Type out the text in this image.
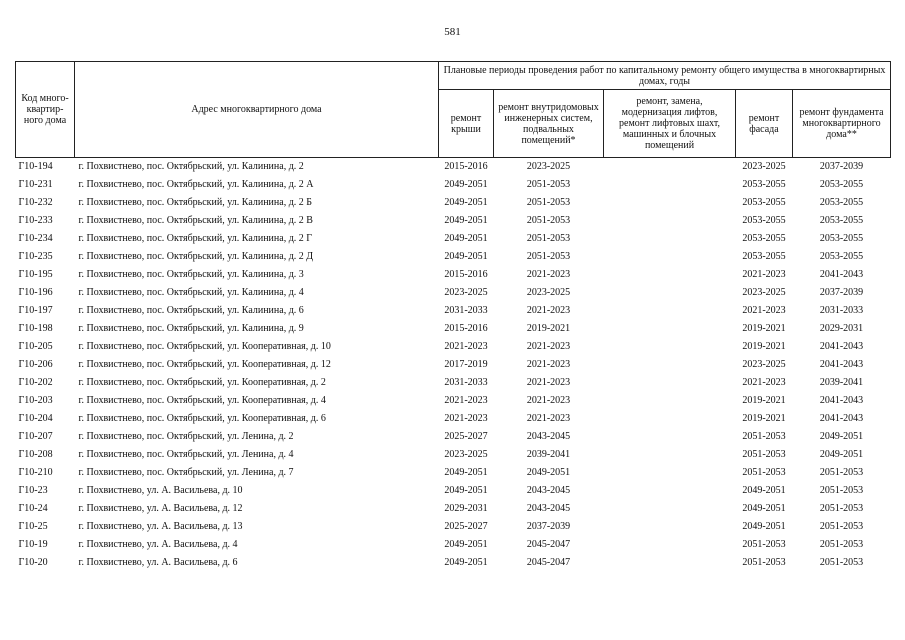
581
Код много-квартир-ного дома	Адрес многоквартирного дома	Плановые периоды проведения работ по капитальному ремонту общего имущества в многоквартирных домах, годы				
		ремонт крыши	ремонт внутридомовых инженерных систем, подвальных помещений*	ремонт, замена, модернизация лифтов, ремонт лифтовых шахт, машинных и блочных помещений	ремонт фасада	ремонт фундамента многоквартирного дома**
Г10-194	г. Похвистнево, пос. Октябрьский, ул. Калинина, д. 2	2015-2016	2023-2025		2023-2025	2037-2039
Г10-231	г. Похвистнево, пос. Октябрьский, ул. Калинина, д. 2 А	2049-2051	2051-2053		2053-2055	2053-2055
Г10-232	г. Похвистнево, пос. Октябрьский, ул. Калинина, д. 2 Б	2049-2051	2051-2053		2053-2055	2053-2055
Г10-233	г. Похвистнево, пос. Октябрьский, ул. Калинина, д. 2 В	2049-2051	2051-2053		2053-2055	2053-2055
Г10-234	г. Похвистнево, пос. Октябрьский, ул. Калинина, д. 2 Г	2049-2051	2051-2053		2053-2055	2053-2055
Г10-235	г. Похвистнево, пос. Октябрьский, ул. Калинина, д. 2 Д	2049-2051	2051-2053		2053-2055	2053-2055
Г10-195	г. Похвистнево, пос. Октябрьский, ул. Калинина, д. 3	2015-2016	2021-2023		2021-2023	2041-2043
Г10-196	г. Похвистнево, пос. Октябрьский, ул. Калинина, д. 4	2023-2025	2023-2025		2023-2025	2037-2039
Г10-197	г. Похвистнево, пос. Октябрьский, ул. Калинина, д. 6	2031-2033	2021-2023		2021-2023	2031-2033
Г10-198	г. Похвистнево, пос. Октябрьский, ул. Калинина, д. 9	2015-2016	2019-2021		2019-2021	2029-2031
Г10-205	г. Похвистнево, пос. Октябрьский, ул. Кооперативная, д. 10	2021-2023	2021-2023		2019-2021	2041-2043
Г10-206	г. Похвистнево, пос. Октябрьский, ул. Кооперативная, д. 12	2017-2019	2021-2023		2023-2025	2041-2043
Г10-202	г. Похвистнево, пос. Октябрьский, ул. Кооперативная, д. 2	2031-2033	2021-2023		2021-2023	2039-2041
Г10-203	г. Похвистнево, пос. Октябрьский, ул. Кооперативная, д. 4	2021-2023	2021-2023		2019-2021	2041-2043
Г10-204	г. Похвистнево, пос. Октябрьский, ул. Кооперативная, д. 6	2021-2023	2021-2023		2019-2021	2041-2043
Г10-207	г. Похвистнево, пос. Октябрьский, ул. Ленина, д. 2	2025-2027	2043-2045		2051-2053	2049-2051
Г10-208	г. Похвистнево, пос. Октябрьский, ул. Ленина, д. 4	2023-2025	2039-2041		2051-2053	2049-2051
Г10-210	г. Похвистнево, пос. Октябрьский, ул. Ленина, д. 7	2049-2051	2049-2051		2051-2053	2051-2053
Г10-23	г. Похвистнево, ул. А. Васильева, д. 10	2049-2051	2043-2045		2049-2051	2051-2053
Г10-24	г. Похвистнево, ул. А. Васильева, д. 12	2029-2031	2043-2045		2049-2051	2051-2053
Г10-25	г. Похвистнево, ул. А. Васильева, д. 13	2025-2027	2037-2039		2049-2051	2051-2053
Г10-19	г. Похвистнево, ул. А. Васильева, д. 4	2049-2051	2045-2047		2051-2053	2051-2053
Г10-20	г. Похвистнево, ул. А. Васильева, д. 6	2049-2051	2045-2047		2051-2053	2051-2053
